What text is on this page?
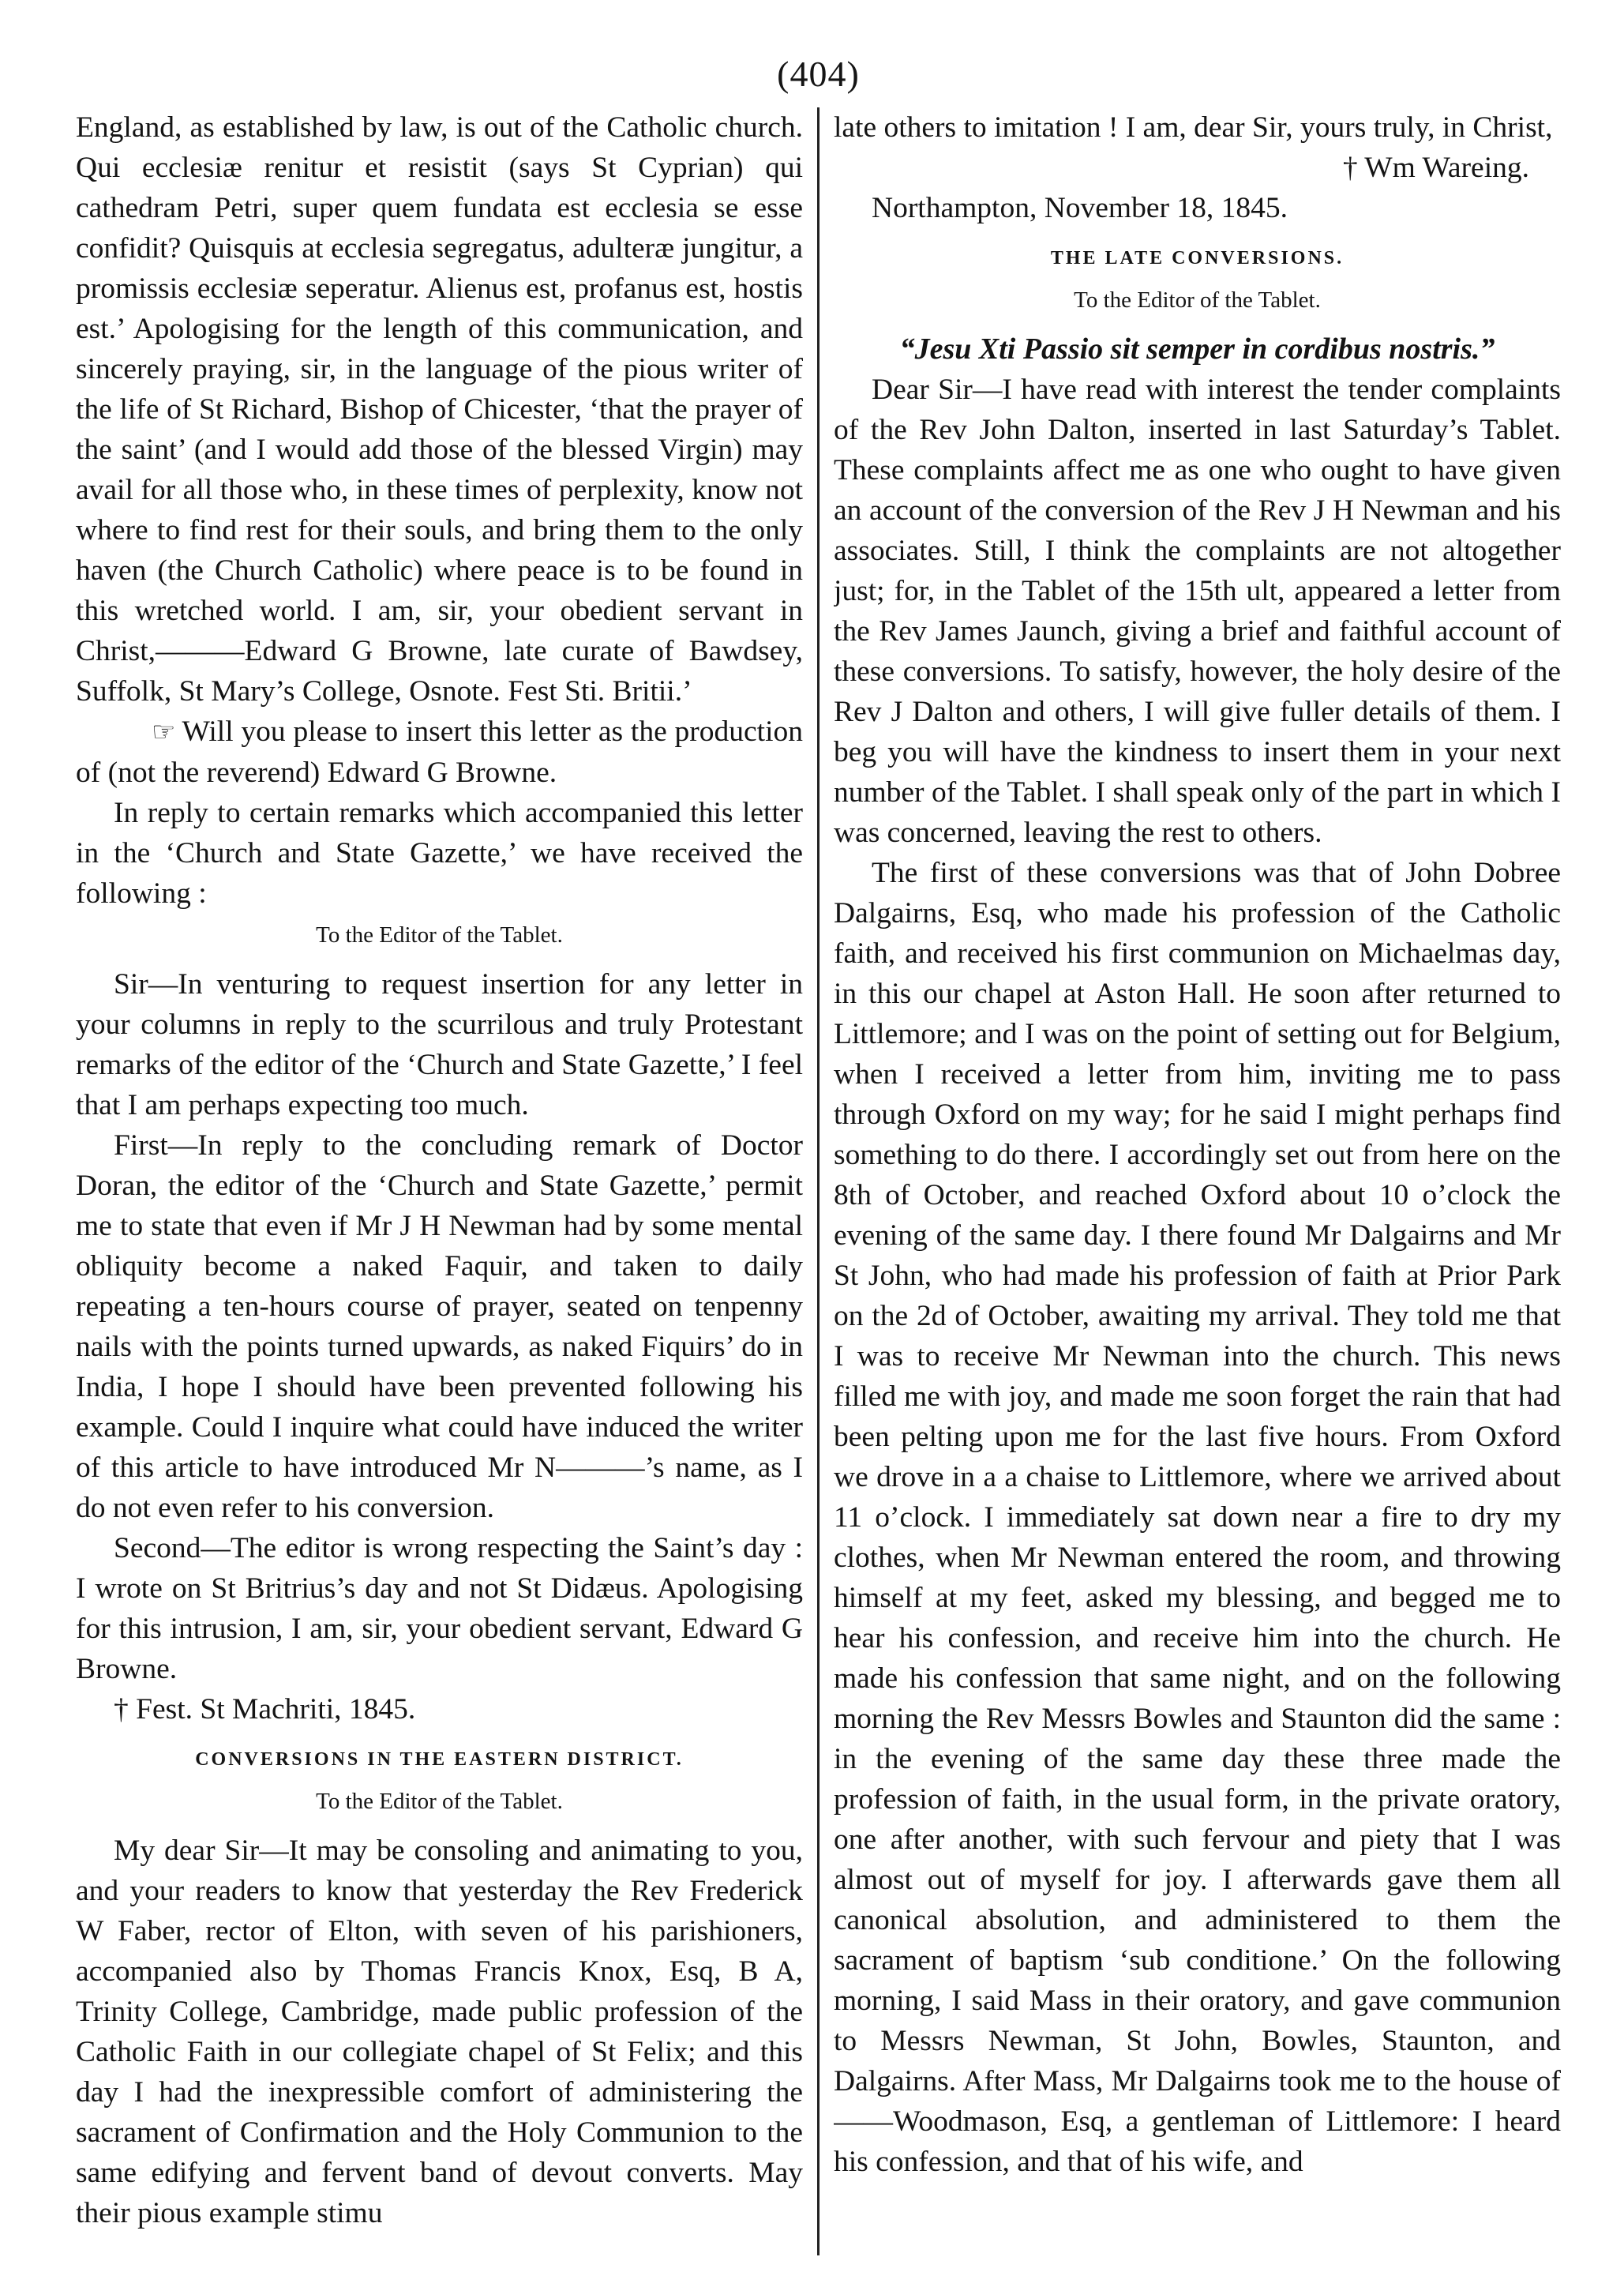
(404)

England, as established by law, is out of the Catholic church. Qui ecclesiæ renitur et resistit (says St Cyprian) qui cathedram Petri, super quem fundata est ecclesia se esse confidit? Quisquis at ecclesia segregatus, adulteræ jungitur, a promissis ecclesiæ seperatur. Alienus est, profanus est, hostis est.’ Apologising for the length of this communication, and sincerely praying, sir, in the language of the pious writer of the life of St Richard, Bishop of Chicester, ‘that the prayer of the saint’ (and I would add those of the blessed Virgin) may avail for all those who, in these times of perplexity, know not where to find rest for their souls, and bring them to the only haven (the Church Catholic) where peace is to be found in this wretched world. I am, sir, your obedient servant in Christ,———Edward G Browne, late curate of Bawdsey, Suffolk, St Mary’s College, Osnote. Fest Sti. Britii.’

☞ Will you please to insert this letter as the production of (not the reverend) Edward G Browne.

In reply to certain remarks which accompanied this letter in the ‘Church and State Gazette,’ we have received the following :

To the Editor of the Tablet.

Sir—In venturing to request insertion for any letter in your columns in reply to the scurrilous and truly Protestant remarks of the editor of the ‘Church and State Gazette,’ I feel that I am perhaps expecting too much.

First—In reply to the concluding remark of Doctor Doran, the editor of the ‘Church and State Gazette,’ permit me to state that even if Mr J H Newman had by some mental obliquity become a naked Faquir, and taken to daily repeating a ten-hours course of prayer, seated on tenpenny nails with the points turned upwards, as naked Fiquirs’ do in India, I hope I should have been prevented following his example. Could I inquire what could have induced the writer of this article to have introduced Mr N———’s name, as I do not even refer to his conversion.

Second—The editor is wrong respecting the Saint’s day : I wrote on St Britrius’s day and not St Didæus. Apologising for this intrusion, I am, sir, your obedient servant, Edward G Browne.

† Fest. St Machriti, 1845.

CONVERSIONS IN THE EASTERN DISTRICT.
To the Editor of the Tablet.

My dear Sir—It may be consoling and animating to you, and your readers to know that yesterday the Rev Frederick W Faber, rector of Elton, with seven of his parishioners, accompanied also by Thomas Francis Knox, Esq, B A, Trinity College, Cambridge, made public profession of the Catholic Faith in our collegiate chapel of St Felix; and this day I had the inexpressible comfort of administering the sacrament of Confirmation and the Holy Communion to the same edifying and fervent band of devout converts. May their pious example stimu

late others to imitation ! I am, dear Sir, yours truly, in Christ,

† Wm Wareing.

Northampton, November 18, 1845.

THE LATE CONVERSIONS.
To the Editor of the Tablet.

“Jesu Xti Passio sit semper in cordibus nostris.”

Dear Sir—I have read with interest the tender complaints of the Rev John Dalton, inserted in last Saturday’s Tablet. These complaints affect me as one who ought to have given an account of the conversion of the Rev J H Newman and his associates. Still, I think the complaints are not altogether just; for, in the Tablet of the 15th ult, appeared a letter from the Rev James Jaunch, giving a brief and faithful account of these conversions. To satisfy, however, the holy desire of the Rev J Dalton and others, I will give fuller details of them. I beg you will have the kindness to insert them in your next number of the Tablet. I shall speak only of the part in which I was concerned, leaving the rest to others.

The first of these conversions was that of John Dobree Dalgairns, Esq, who made his profession of the Catholic faith, and received his first communion on Michaelmas day, in this our chapel at Aston Hall. He soon after returned to Littlemore; and I was on the point of setting out for Belgium, when I received a letter from him, inviting me to pass through Oxford on my way; for he said I might perhaps find something to do there. I accordingly set out from here on the 8th of October, and reached Oxford about 10 o’clock the evening of the same day. I there found Mr Dalgairns and Mr St John, who had made his profession of faith at Prior Park on the 2d of October, awaiting my arrival. They told me that I was to receive Mr Newman into the church. This news filled me with joy, and made me soon forget the rain that had been pelting upon me for the last five hours. From Oxford we drove in a a chaise to Littlemore, where we arrived about 11 o’clock. I immediately sat down near a fire to dry my clothes, when Mr Newman entered the room, and throwing himself at my feet, asked my blessing, and begged me to hear his confession, and receive him into the church. He made his confession that same night, and on the following morning the Rev Messrs Bowles and Staunton did the same : in the evening of the same day these three made the profession of faith, in the usual form, in the private oratory, one after another, with such fervour and piety that I was almost out of myself for joy. I afterwards gave them all canonical absolution, and administered to them the sacrament of baptism ‘sub conditione.’ On the following morning, I said Mass in their oratory, and gave communion to Messrs Newman, St John, Bowles, Staunton, and Dalgairns. After Mass, Mr Dalgairns took me to the house of ——Woodmason, Esq, a gentleman of Littlemore: I heard his confession, and that of his wife, and
